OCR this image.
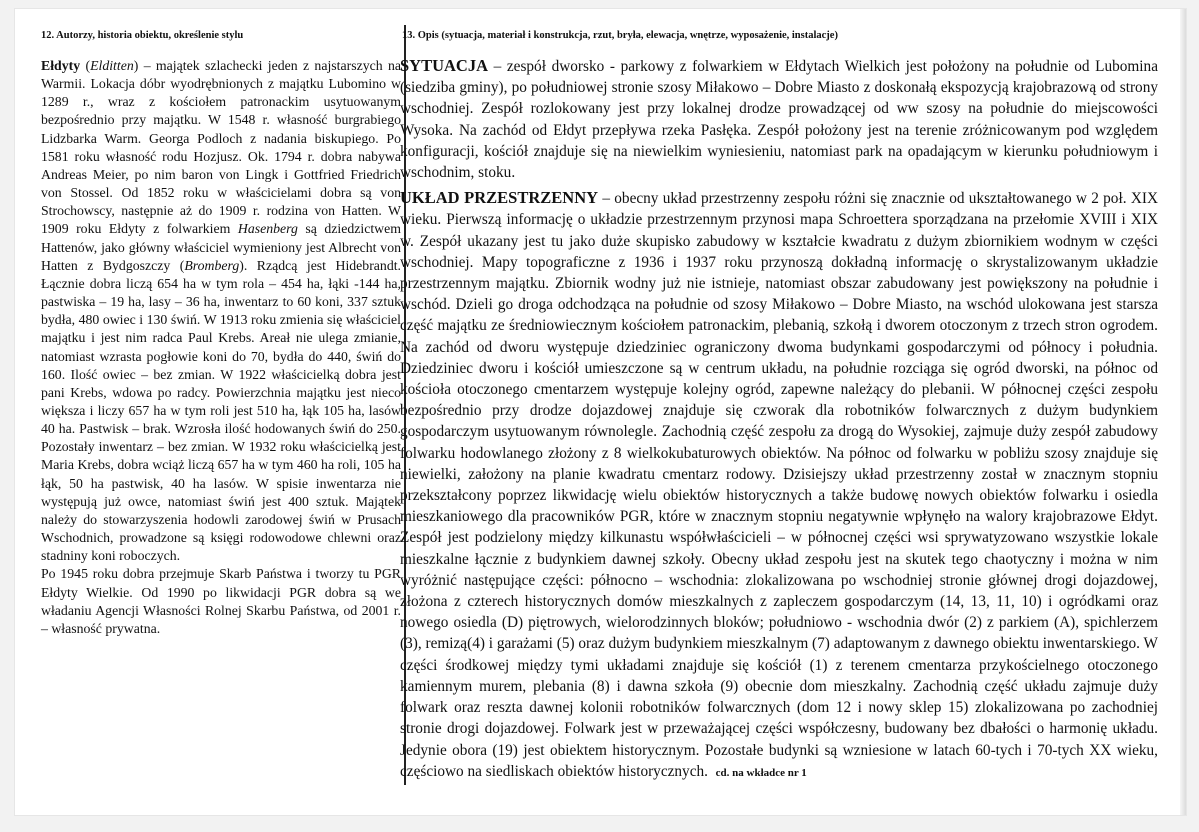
12. Autorzy, historia obiektu, określenie stylu	13. Opis (sytuacja, materiał i konstrukcja, rzut, bryła, elewacja, wnętrze, wyposażenie, instalacje)

Ełdyty (Elditten) – majątek szlachecki jeden z najstarszych na Warmii. Lokacja dóbr wyodrębnionych z majątku Lubomino w 1289 r., wraz z kościołem patronackim usytuowanym bezpośrednio przy majątku. W 1548 r. własność burgrabiego Lidzbarka Warm. Georga Podloch z nadania biskupiego. Po 1581 roku własność rodu Hozjusz. Ok. 1794 r. dobra nabywa Andreas Meier, po nim baron von Lingk i Gottfried Friedrich von Stossel. Od 1852 roku w właścicielami dobra są von Strochowscy, następnie aż do 1909 r. rodzina von Hatten. W 1909 roku Ełdyty z folwarkiem Hasenberg są dziedzictwem Hattenów, jako główny właściciel wymieniony jest Albrecht von Hatten z Bydgoszczy (Bromberg). Rządcą jest Hidebrandt. Łącznie dobra liczą 654 ha w tym rola – 454 ha, łąki -144 ha, pastwiska – 19 ha, lasy – 36 ha, inwentarz to 60 koni, 337 sztuk bydła, 480 owiec i 130 świń. W 1913 roku zmienia się właściciel majątku i jest nim radca Paul Krebs. Areał nie ulega zmianie, natomiast wzrasta pogłowie koni do 70, bydła do 440, świń do 160. Ilość owiec – bez zmian. W 1922 właścicielką dobra jest pani Krebs, wdowa po radcy. Powierzchnia majątku jest nieco większa i liczy 657 ha w tym roli jest 510 ha, łąk 105 ha, lasów 40 ha. Pastwisk – brak. Wzrosła ilość hodowanych świń do 250. Pozostały inwentarz – bez zmian. W 1932 roku właścicielką jest Maria Krebs, dobra wciąż liczą 657 ha w tym 460 ha roli, 105 ha łąk, 50 ha pastwisk, 40 ha lasów. W spisie inwentarza nie występują już owce, natomiast świń jest 400 sztuk. Majątek należy do stowarzyszenia hodowli zarodowej świń w Prusach Wschodnich, prowadzone są księgi rodowodowe chlewni oraz stadniny koni roboczych.

Po 1945 roku dobra przejmuje Skarb Państwa i tworzy tu PGR Ełdyty Wielkie. Od 1990 po likwidacji PGR dobra są we władaniu Agencji Własności Rolnej Skarbu Państwa, od 2001 r. – własność prywatna.

SYTUACJA – zespół dworsko - parkowy z folwarkiem w Ełdytach Wielkich jest położony na południe od Lubomina (siedziba gminy), po południowej stronie szosy Miłakowo – Dobre Miasto z doskonałą ekspozycją krajobrazową od strony wschodniej. Zespół rozlokowany jest przy lokalnej drodze prowadzącej od ww szosy na południe do miejscowości Wysoka. Na zachód od Ełdyt przepływa rzeka Pasłęka. Zespół położony jest na terenie zróżnicowanym pod względem konfiguracji, kościół znajduje się na niewielkim wyniesieniu, natomiast park na opadającym w kierunku południowym i wschodnim, stoku.

UKŁAD PRZESTRZENNY – obecny układ przestrzenny zespołu różni się znacznie od ukształtowanego w 2 poł. XIX wieku. Pierwszą informację o układzie przestrzennym przynosi mapa Schroettera sporządzana na przełomie XVIII i XIX w. Zespół ukazany jest tu jako duże skupisko zabudowy w kształcie kwadratu z dużym zbiornikiem wodnym w części wschodniej. Mapy topograficzne z 1936 i 1937 roku przynoszą dokładną informację o skrystalizowanym układzie przestrzennym majątku. Zbiornik wodny już nie istnieje, natomiast obszar zabudowany jest powiększony na południe i wschód. Dzieli go droga odchodząca na południe od szosy Miłakowo – Dobre Miasto, na wschód ulokowana jest starsza część majątku ze średniowiecznym kościołem patronackim, plebanią, szkołą i dworem otoczonym z trzech stron ogrodem. Na zachód od dworu występuje dziedziniec ograniczony dwoma budynkami gospodarczymi od północy i południa. Dziedziniec dworu i kościół umieszczone są w centrum układu, na południe rozciąga się ogród dworski, na północ od kościoła otoczonego cmentarzem występuje kolejny ogród, zapewne należący do plebanii. W północnej części zespołu bezpośrednio przy drodze dojazdowej znajduje się czworak dla robotników folwarcznych z dużym budynkiem gospodarczym usytuowanym równolegle. Zachodnią część zespołu za drogą do Wysokiej, zajmuje duży zespół zabudowy folwarku hodowlanego złożony z 8 wielkokubaturowych obiektów. Na północ od folwarku w pobliżu szosy znajduje się niewielki, założony na planie kwadratu cmentarz rodowy. Dzisiejszy układ przestrzenny został w znacznym stopniu przekształcony poprzez likwidację wielu obiektów historycznych a także budowę nowych obiektów folwarku i osiedla mieszkaniowego dla pracowników PGR, które w znacznym stopniu negatywnie wpłynęło na walory krajobrazowe Ełdyt. Zespół jest podzielony między kilkunastu współwłaścicieli – w północnej części wsi sprywatyzowano wszystkie lokale mieszkalne łącznie z budynkiem dawnej szkoły. Obecny układ zespołu jest na skutek tego chaotyczny i można w nim wyróżnić następujące części: północno – wschodnia: zlokalizowana po wschodniej stronie głównej drogi dojazdowej, złożona z czterech historycznych domów mieszkalnych z zapleczem gospodarczym (14, 13, 11, 10) i ogródkami oraz nowego osiedla (D) piętrowych, wielorodzinnych bloków; południowo - wschodnia dwór (2) z parkiem (A), spichlerzem (3), remizą(4) i garażami (5) oraz dużym budynkiem mieszkalnym (7) adaptowanym z dawnego obiektu inwentarskiego. W części środkowej między tymi układami znajduje się kościół (1) z terenem cmentarza przykościelnego otoczonego kamiennym murem, plebania (8) i dawna szkoła (9) obecnie dom mieszkalny. Zachodnią część układu zajmuje duży folwark oraz reszta dawnej kolonii robotników folwarcznych (dom 12 i nowy sklep 15) zlokalizowana po zachodniej stronie drogi dojazdowej. Folwark jest w przeważającej części współczesny, budowany bez dbałości o harmonię układu. Jedynie obora (19) jest obiektem historycznym. Pozostałe budynki są wzniesione w latach 60-tych i 70-tych XX wieku, częściowo na siedliskach obiektów historycznych. cd. na wkładce nr 1
